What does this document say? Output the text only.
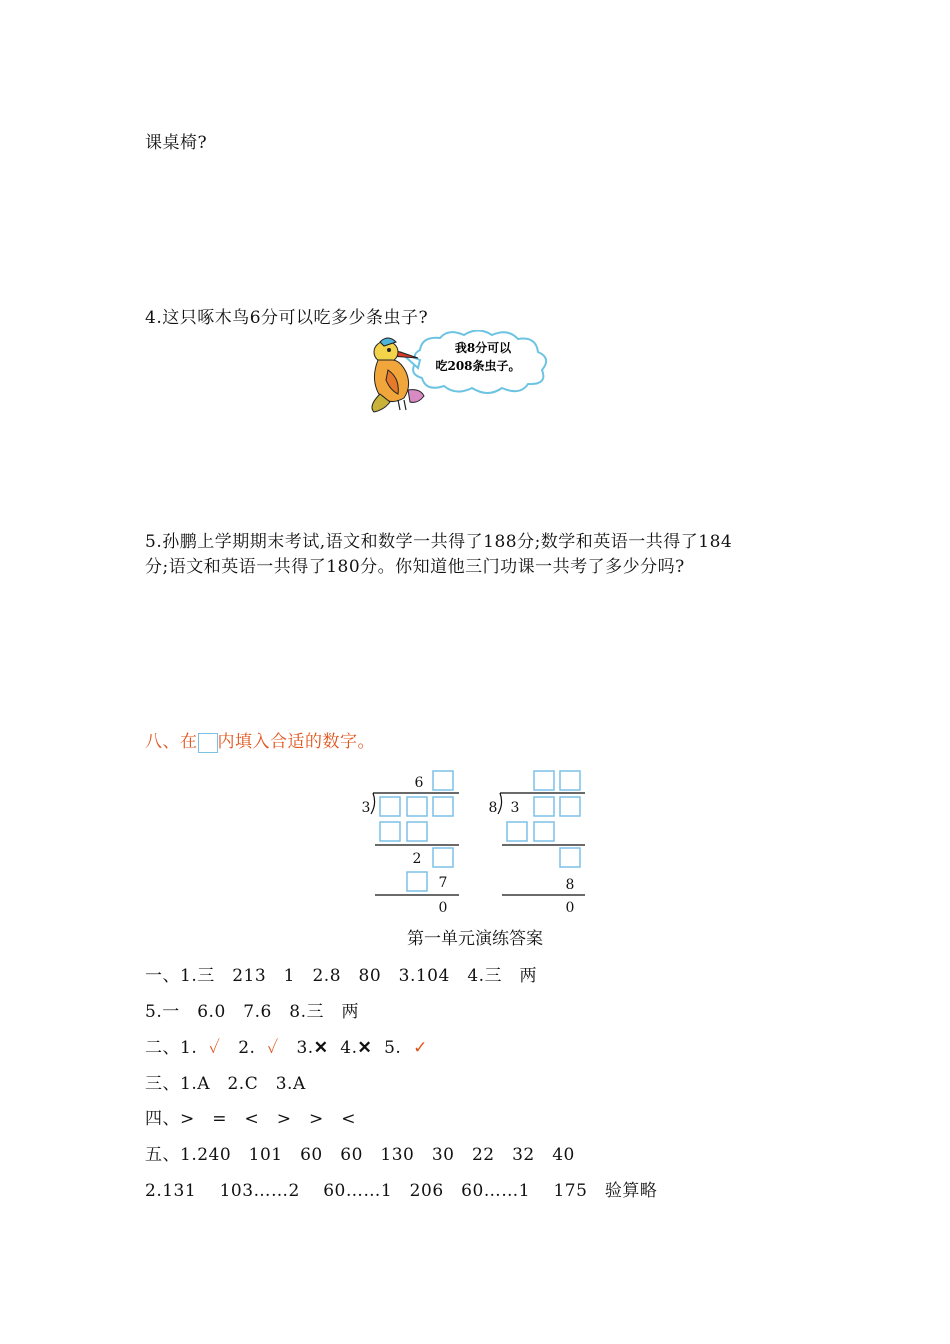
课桌椅?
4.这只啄木鸟6分可以吃多少条虫子?
我8分可以
吃208条虫子。
5.孙鹏上学期期末考试,语文和数学一共得了188分;数学和英语一共得了184
分;语文和英语一共得了180分。你知道他三门功课一共考了多少分吗?
八、在 内填入合适的数字。
6
3
2
7
0
8 3
8
0
第一单元演练答案
一、1.三　213　1　2.8　80　3.104　4.三　两
5.一　6.0　7.6　8.三　两
二、1. ✓ 2. ✓ 3.✕ 4.✕ 5. ✓
三、1.A　2.C　3.A
四、>　=　<　>　>　<
五、1.240　101　60　60　130　30　22　32　40
2.131　 103……2　 60……1　206　60……1　 175　验算略
